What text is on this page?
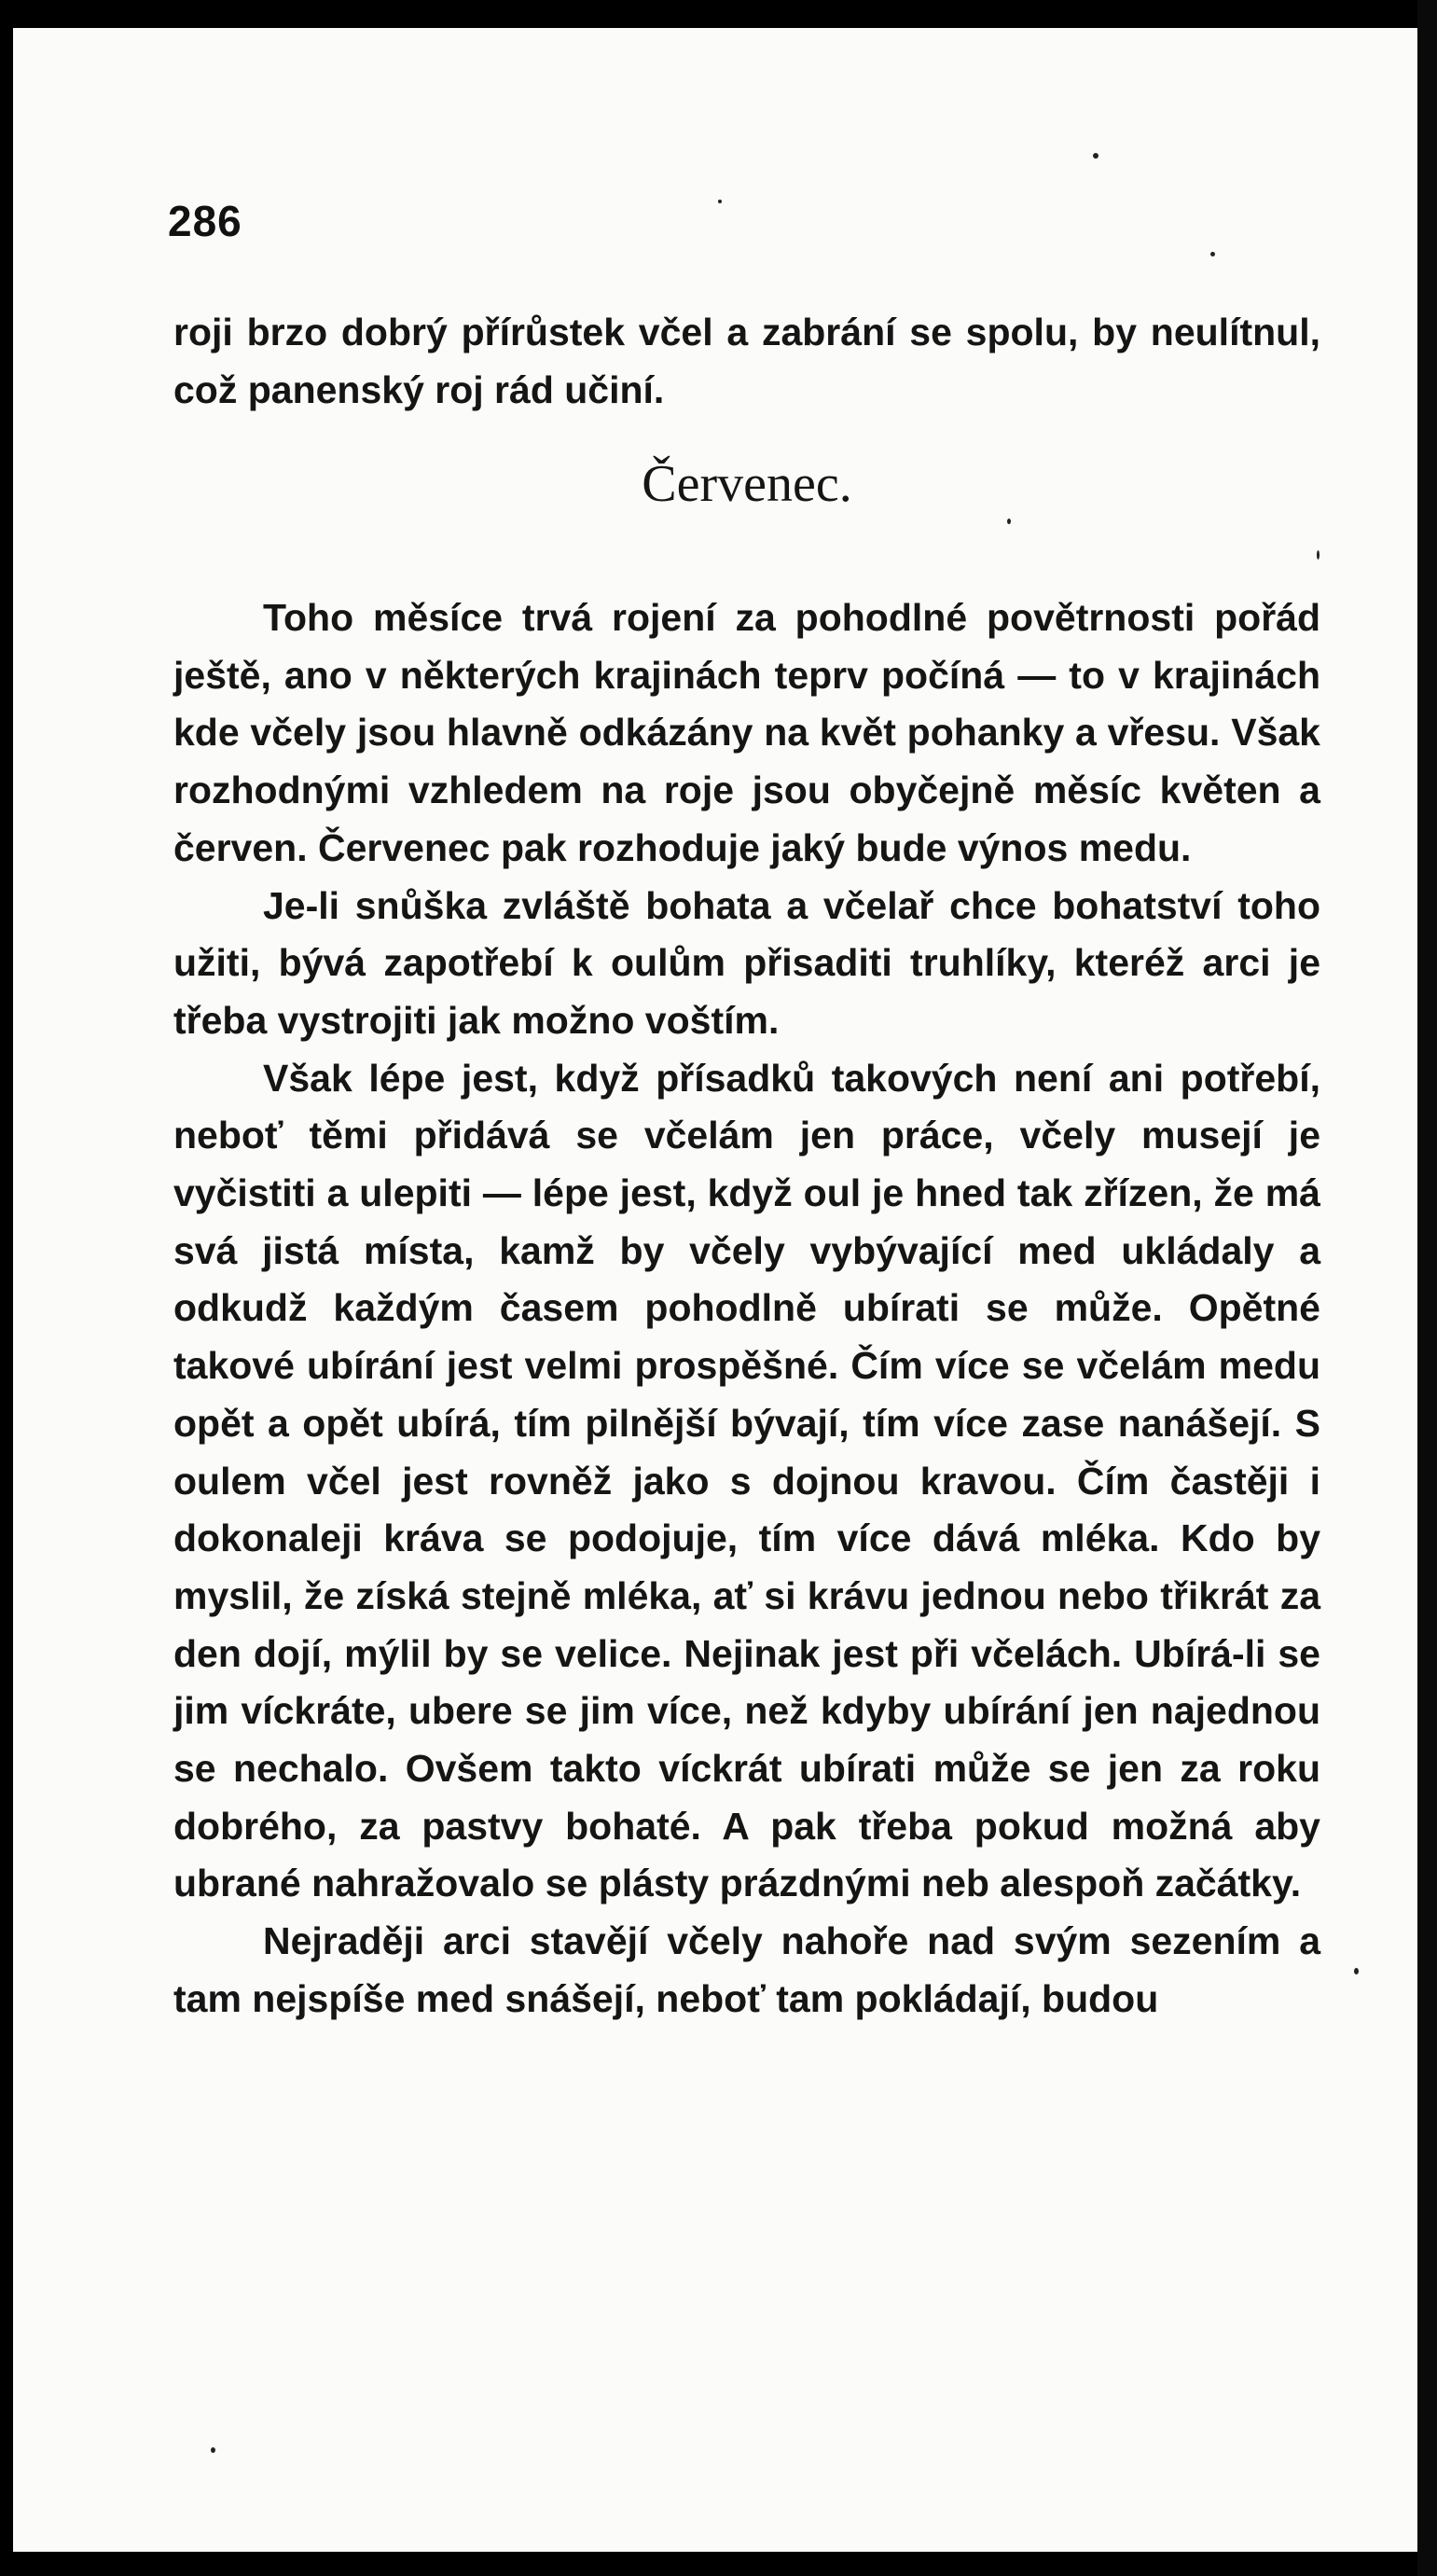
286

roji brzo dobrý přírůstek včel a zabrání se spolu, by neulítnul, což panenský roj rád učiní.

Červenec.

Toho měsíce trvá rojení za pohodlné povětrnosti pořád ještě, ano v některých krajinách teprv počíná — to v krajinách kde včely jsou hlavně odkázány na květ pohanky a vřesu. Však rozhodnými vzhledem na roje jsou obyčejně měsíc květen a červen. Červenec pak rozhoduje jaký bude výnos medu.

Je-li snůška zvláště bohata a včelař chce bohatství toho užiti, bývá zapotřebí k oulům přisaditi truhlíky, kteréž arci je třeba vystrojiti jak možno voštím.

Však lépe jest, když přísadků takových není ani potřebí, neboť těmi přidává se včelám jen práce, včely musejí je vyčistiti a ulepiti — lépe jest, když oul je hned tak zřízen, že má svá jistá místa, kamž by včely vybývající med ukládaly a odkudž každým časem pohodlně ubírati se může. Opětné takové ubírání jest velmi prospěšné. Čím více se včelám medu opět a opět ubírá, tím pilnější bývají, tím více zase nanášejí. S oulem včel jest rovněž jako s dojnou kravou. Čím častěji i dokonaleji kráva se podojuje, tím více dává mléka. Kdo by myslil, že získá stejně mléka, ať si krávu jednou nebo třikrát za den dojí, mýlil by se velice. Nejinak jest při včelách. Ubírá-li se jim víckráte, ubere se jim více, než kdyby ubírání jen najednou se nechalo. Ovšem takto víckrát ubírati může se jen za roku dobrého, za pastvy bohaté. A pak třeba pokud možná aby ubrané nahražovalo se plásty prázdnými neb alespoň začátky.

Nejraději arci stavějí včely nahoře nad svým sezením a tam nejspíše med snášejí, neboť tam pokládají, budou
